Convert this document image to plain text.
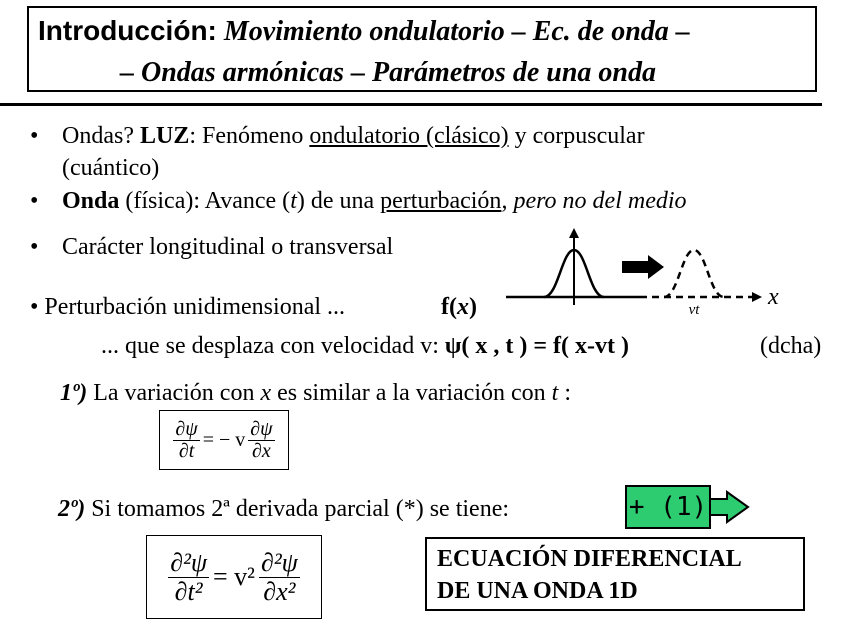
Introducción: Movimiento ondulatorio – Ec. de onda –
– Ondas armónicas – Parámetros de una onda
• Ondas? LUZ: Fenómeno ondulatorio (clásico) y corpuscular
(cuántico)
• Onda (física): Avance (t) de una perturbación, pero no del medio
• Carácter longitudinal o transversal
x
vt
• Perturbación unidimensional ...	f(x)
... que se desplaza con velocidad v: ψ( x , t ) = f( x-vt )	(dcha)
1º) La variación con x es similar a la variación con t :
$\frac{\partial\psi}{\partial t}$ = − v $\frac{\partial\psi}{\partial x}$
2º) Si tomamos 2ª derivada parcial (*) se tiene:	+ (1)
$\frac{\text{∂²ψ}}{\text{∂t²}} = v^2 \frac{\text{∂²ψ}}{\text{∂x²}}$	ECUACIÓN DIFERENCIAL
DE UNA ONDA 1D
